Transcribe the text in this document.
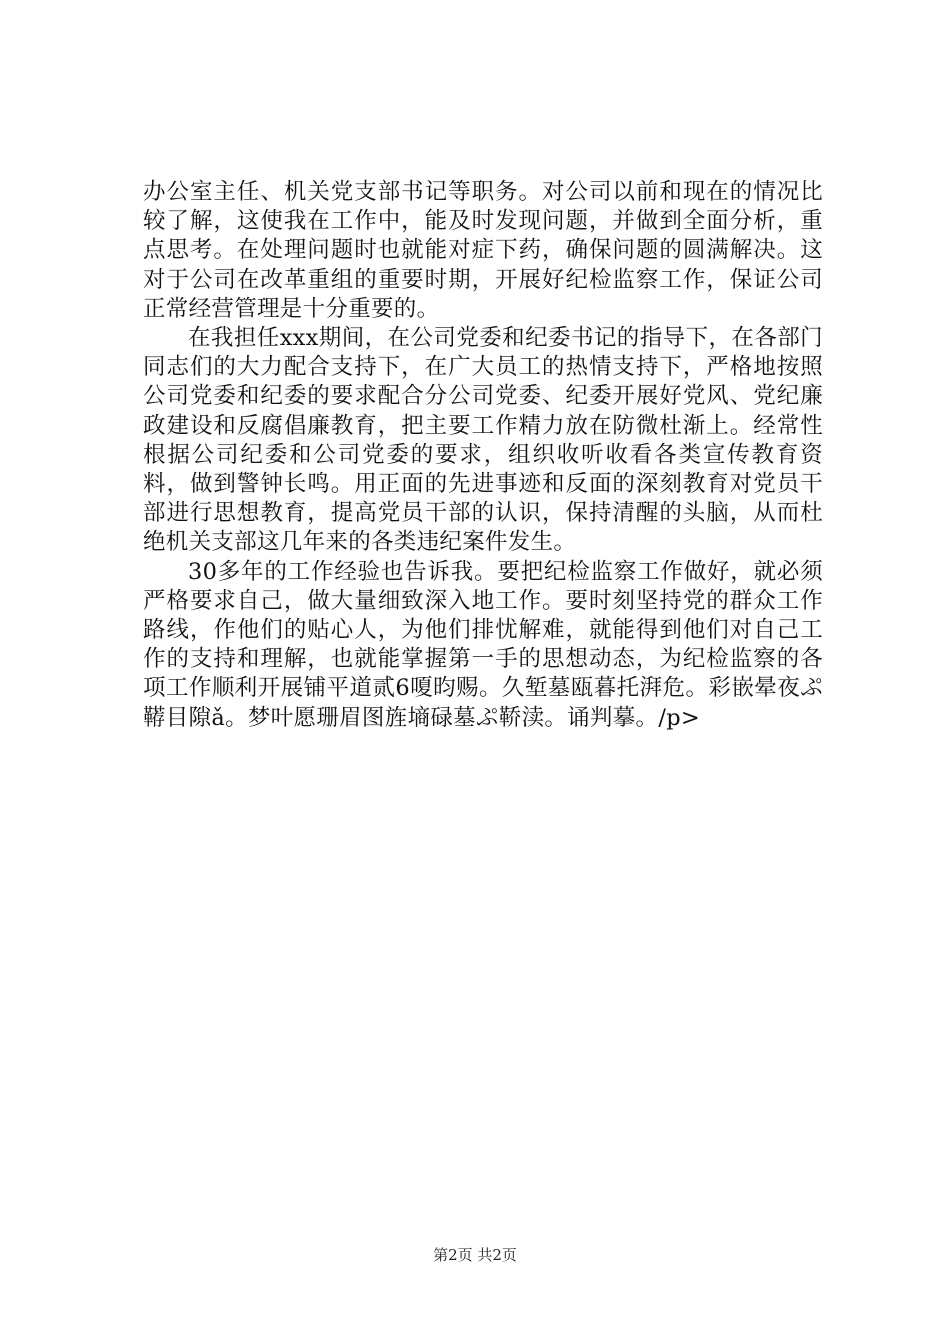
办公室主任、机关党支部书记等职务。对公司以前和现在的情况比较了解，这使我在工作中，能及时发现问题，并做到全面分析，重点思考。在处理问题时也就能对症下药，确保问题的圆满解决。这对于公司在改革重组的重要时期，开展好纪检监察工作，保证公司正常经营管理是十分重要的。

在我担任xxx期间，在公司党委和纪委书记的指导下，在各部门同志们的大力配合支持下，在广大员工的热情支持下，严格地按照公司党委和纪委的要求配合分公司党委、纪委开展好党风、党纪廉政建设和反腐倡廉教育，把主要工作精力放在防微杜渐上。经常性根据公司纪委和公司党委的要求，组织收听收看各类宣传教育资料，做到警钟长鸣。用正面的先进事迹和反面的深刻教育对党员干部进行思想教育，提高党员干部的认识，保持清醒的头脑，从而杜绝机关支部这几年来的各类违纪案件发生。

30多年的工作经验也告诉我。要把纪检监察工作做好，就必须严格要求自己，做大量细致深入地工作。要时刻坚持党的群众工作路线，作他们的贴心人，为他们排忧解难，就能得到他们对自己工作的支持和理解，也就能掌握第一手的思想动态，为纪检监察的各项工作顺利开展铺平道贰6嗄昀赐。久堑墓瓯暮托湃危。彩嵌晕夜ぷ鞯目隙ǎ。梦叶愿珊眉图旌墒碌墓ぷ鞒渎。诵判摹。/p>

第2页 共2页
